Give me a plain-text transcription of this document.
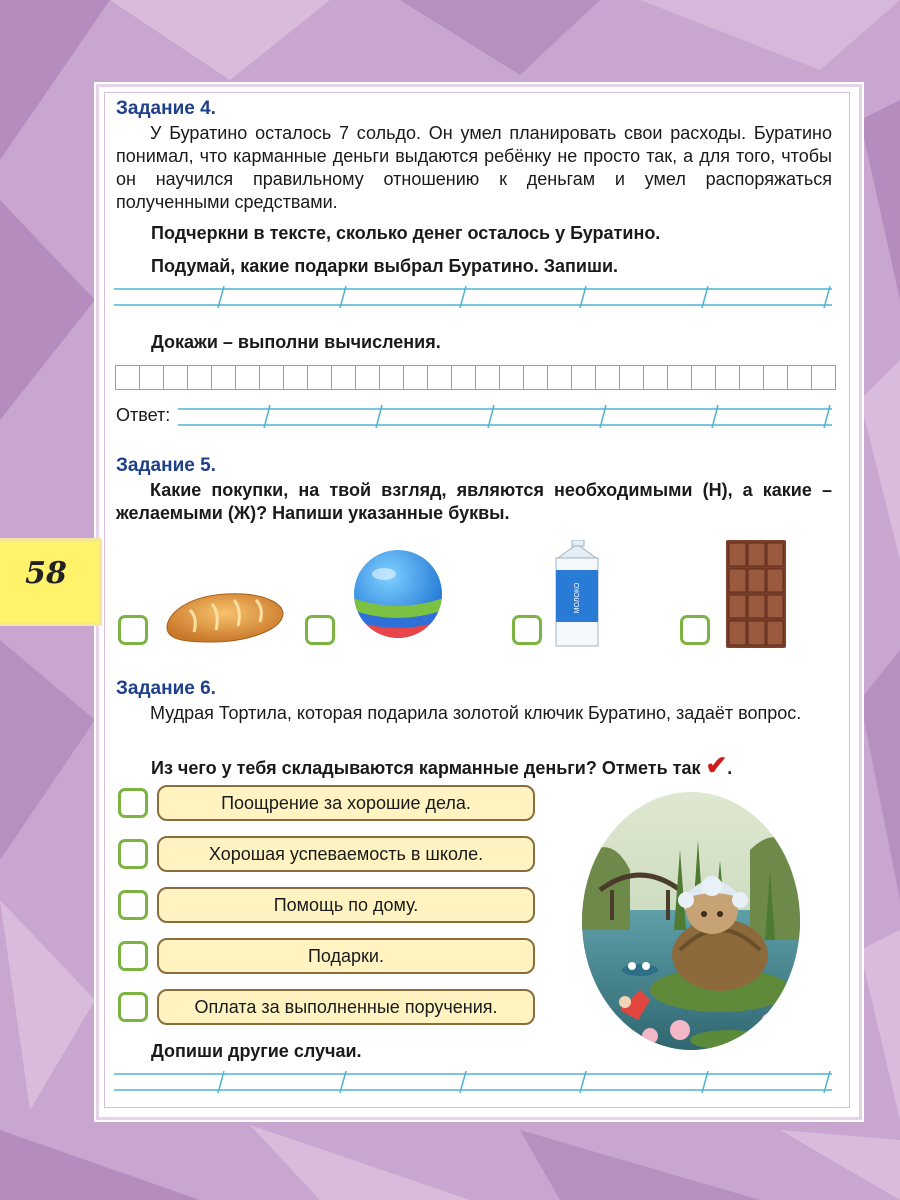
58
Задание 4.

У Буратино осталось 7 сольдо. Он умел планировать свои расходы. Буратино понимал, что карманные деньги выдаются ребёнку не просто так, а для того, чтобы он научился правильному отношению к деньгам и умел распоряжаться полученными средствами.

Подчеркни в тексте, сколько денег осталось у Буратино.
Подумай, какие подарки выбрал Буратино. Запиши.
Докажи – выполни вычисления.
Ответ:
Задание 5.

Какие покупки, на твой взгляд, являются необходимыми (Н), а какие – желаемыми (Ж)? Напиши указанные буквы.

МОЛОКО
Задание 6.

Мудрая Тортила, которая подарила золотой ключик Буратино, задаёт вопрос.

Из чего у тебя складываются карманные деньги? Отметь так ✔.
Поощрение за хорошие дела.
Хорошая успеваемость в школе.
Помощь по дому.
Подарки.
Оплата за выполненные поручения.
Допиши другие случаи.
